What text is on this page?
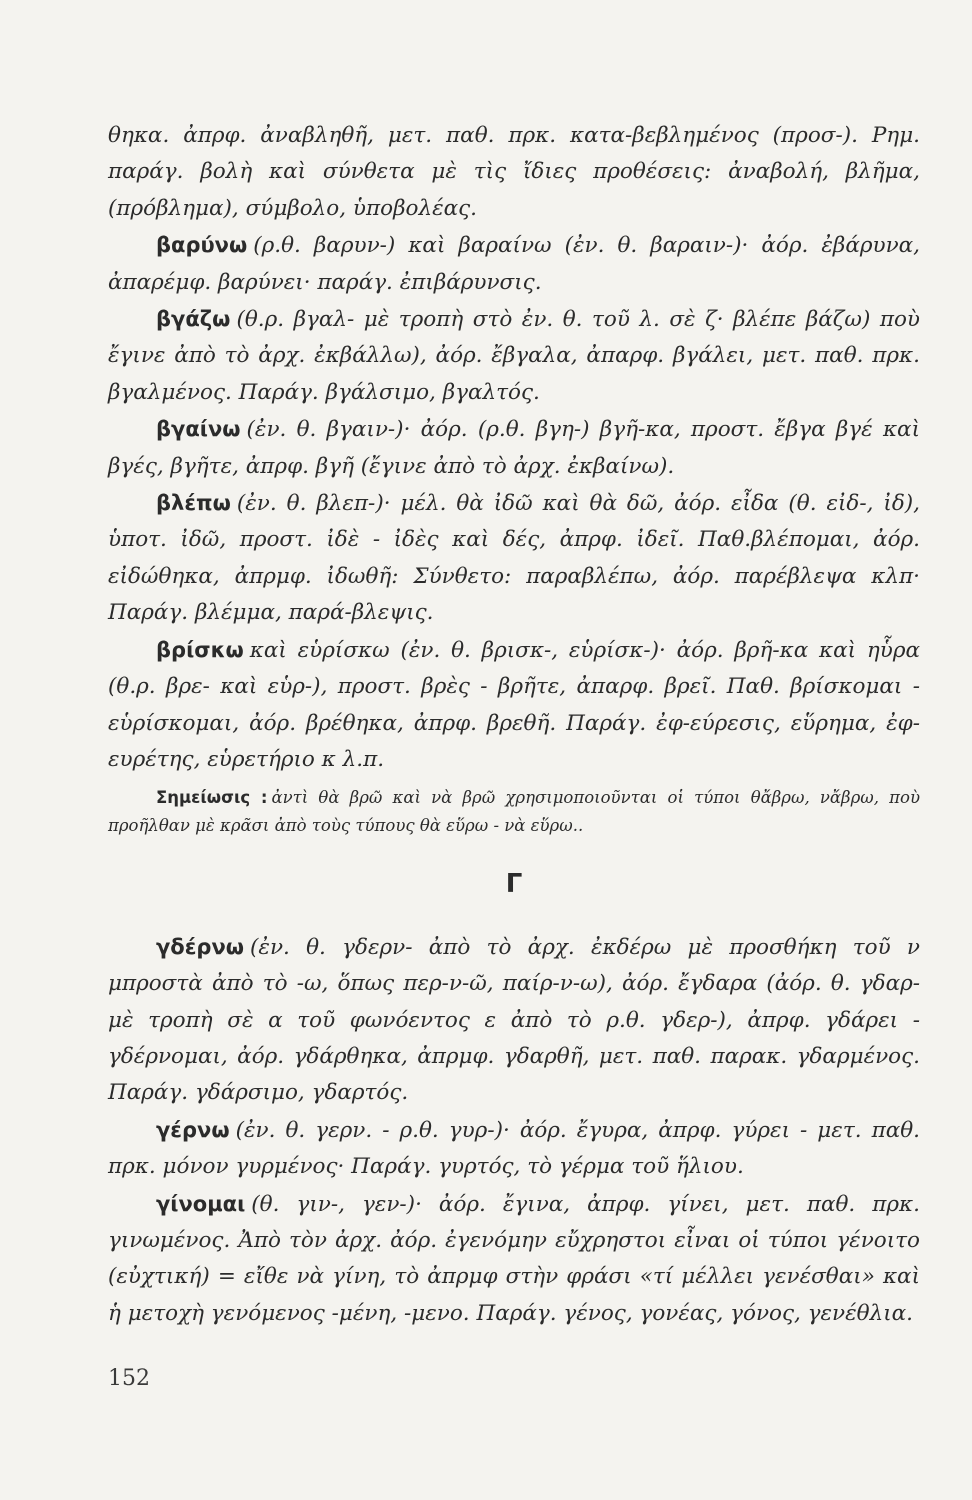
θηκα. ἀπρφ. ἀναβληθῆ, μετ. παθ. πρκ. κατα-βεβλημένος (προσ-). Ρημ. παράγ. βολὴ καὶ σύνθετα μὲ τὶς ἴδιες προθέσεις: ἀναβολή, βλῆμα, (πρόβλημα), σύμβολο, ὑποβολέας.

βαρύνω (ρ.θ. βαρυν-) καὶ βαραίνω (ἐν. θ. βαραιν-)· ἀόρ. ἐβάρυνα, ἀπαρέμφ. βαρύνει· παράγ. ἐπιβάρυνσις.

βγάζω (θ.ρ. βγαλ- μὲ τροπὴ στὸ ἐν. θ. τοῦ λ. σὲ ζ· βλέπε βάζω) ποὺ ἔγινε ἀπὸ τὸ ἀρχ. ἐκβάλλω), ἀόρ. ἔβγαλα, ἀπαρφ. βγάλει, μετ. παθ. πρκ. βγαλμένος. Παράγ. βγάλσιμο, βγαλτός.

βγαίνω (ἐν. θ. βγαιν-)· ἀόρ. (ρ.θ. βγη-) βγῆ-κα, προστ. ἔβγα βγέ καὶ βγές, βγῆτε, ἀπρφ. βγῆ (ἔγινε ἀπὸ τὸ ἀρχ. ἐκβαίνω).

βλέπω (ἐν. θ. βλεπ-)· μέλ. θὰ ἰδῶ καὶ θὰ δῶ, ἀόρ. εἶδα (θ. εἰδ-, ἰδ), ὑποτ. ἰδῶ, προστ. ἰδὲ - ἰδὲς καὶ δές, ἀπρφ. ἰδεῖ. Παθ.βλέπομαι, ἀόρ. εἰδώθηκα, ἀπρμφ. ἰδωθῆ: Σύνθετο: παραβλέπω, ἀόρ. παρέβλεψα κλπ· Παράγ. βλέμμα, παρά-βλεψις.

βρίσκω καὶ εὑρίσκω (ἐν. θ. βρισκ-, εὑρίσκ-)· ἀόρ. βρῆ-κα καὶ ηὗρα (θ.ρ. βρε- καὶ εὑρ-), προστ. βρὲς - βρῆτε, ἀπαρφ. βρεῖ. Παθ. βρίσκομαι - εὑρίσκομαι, ἀόρ. βρέθηκα, ἀπρφ. βρεθῆ. Παράγ. ἐφ-εύρεσις, εὕρημα, ἐφ-ευρέτης, εὑρετήριο κ λ.π.

Σημείωσις : ἀντὶ θὰ βρῶ καὶ νὰ βρῶ χρησιμοποιοῦνται οἱ τύποι θἄβρω, νἄβρω, ποὺ προῆλθαν μὲ κρᾶσι ἀπὸ τοὺς τύπους θὰ εὕρω - νὰ εὕρω..

Γ

γδέρνω (ἐν. θ. γδερν- ἀπὸ τὸ ἀρχ. ἐκδέρω μὲ προσθήκη τοῦ ν μπροστὰ ἀπὸ τὸ -ω, ὅπως περ-ν-ῶ, παίρ-ν-ω), ἀόρ. ἔγδαρα (ἀόρ. θ. γδαρ- μὲ τροπὴ σὲ α τοῦ φωνόεντος ε ἀπὸ τὸ ρ.θ. γδερ-), ἀπρφ. γδάρει - γδέρνομαι, ἀόρ. γδάρθηκα, ἀπρμφ. γδαρθῆ, μετ. παθ. παρακ. γδαρμένος. Παράγ. γδάρσιμο, γδαρτός.

γέρνω (ἐν. θ. γερν. - ρ.θ. γυρ-)· ἀόρ. ἔγυρα, ἀπρφ. γύρει - μετ. παθ. πρκ. μόνον γυρμένος· Παράγ. γυρτός, τὸ γέρμα τοῦ ἥλιου.

γίνομαι (θ. γιν-, γεν-)· ἀόρ. ἔγινα, ἀπρφ. γίνει, μετ. παθ. πρκ. γινωμένος. Ἀπὸ τὸν ἀρχ. ἀόρ. ἐγενόμην εὔχρηστοι εἶναι οἱ τύποι γένοιτο (εὐχτική) = εἴθε νὰ γίνη, τὸ ἀπρμφ στὴν φράσι «τί μέλλει γενέσθαι» καὶ ἡ μετοχὴ γενόμενος -μένη, -μενο. Παράγ. γένος, γονέας, γόνος, γενέθλια.

152
